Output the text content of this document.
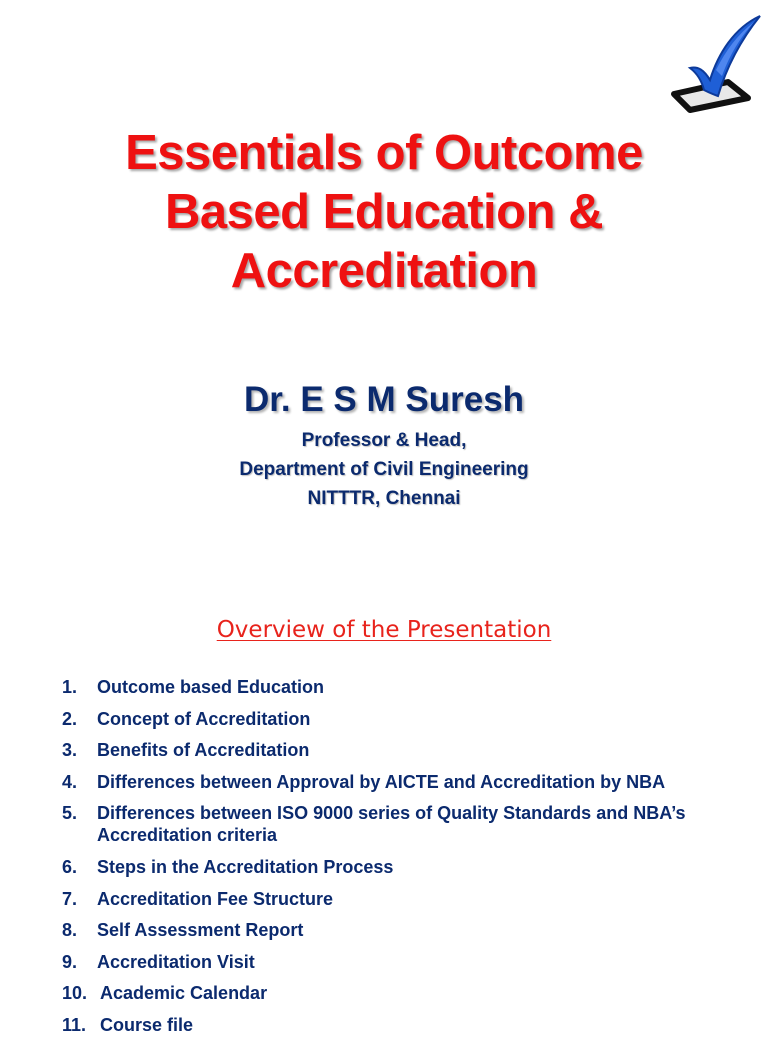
Essentials of Outcome
Based Education &
Accreditation
Dr. E S M Suresh
Professor & Head,
Department of Civil Engineering
NITTTR, Chennai
Overview of the Presentation
1. Outcome based Education
2. Concept of Accreditation
3. Benefits of Accreditation
4. Differences between Approval by AICTE and Accreditation by NBA
5. Differences between ISO 9000 series of Quality Standards and NBA’s Accreditation criteria
6. Steps in the Accreditation Process
7. Accreditation Fee Structure
8. Self Assessment Report
9. Accreditation Visit
10. Academic Calendar
11. Course file
